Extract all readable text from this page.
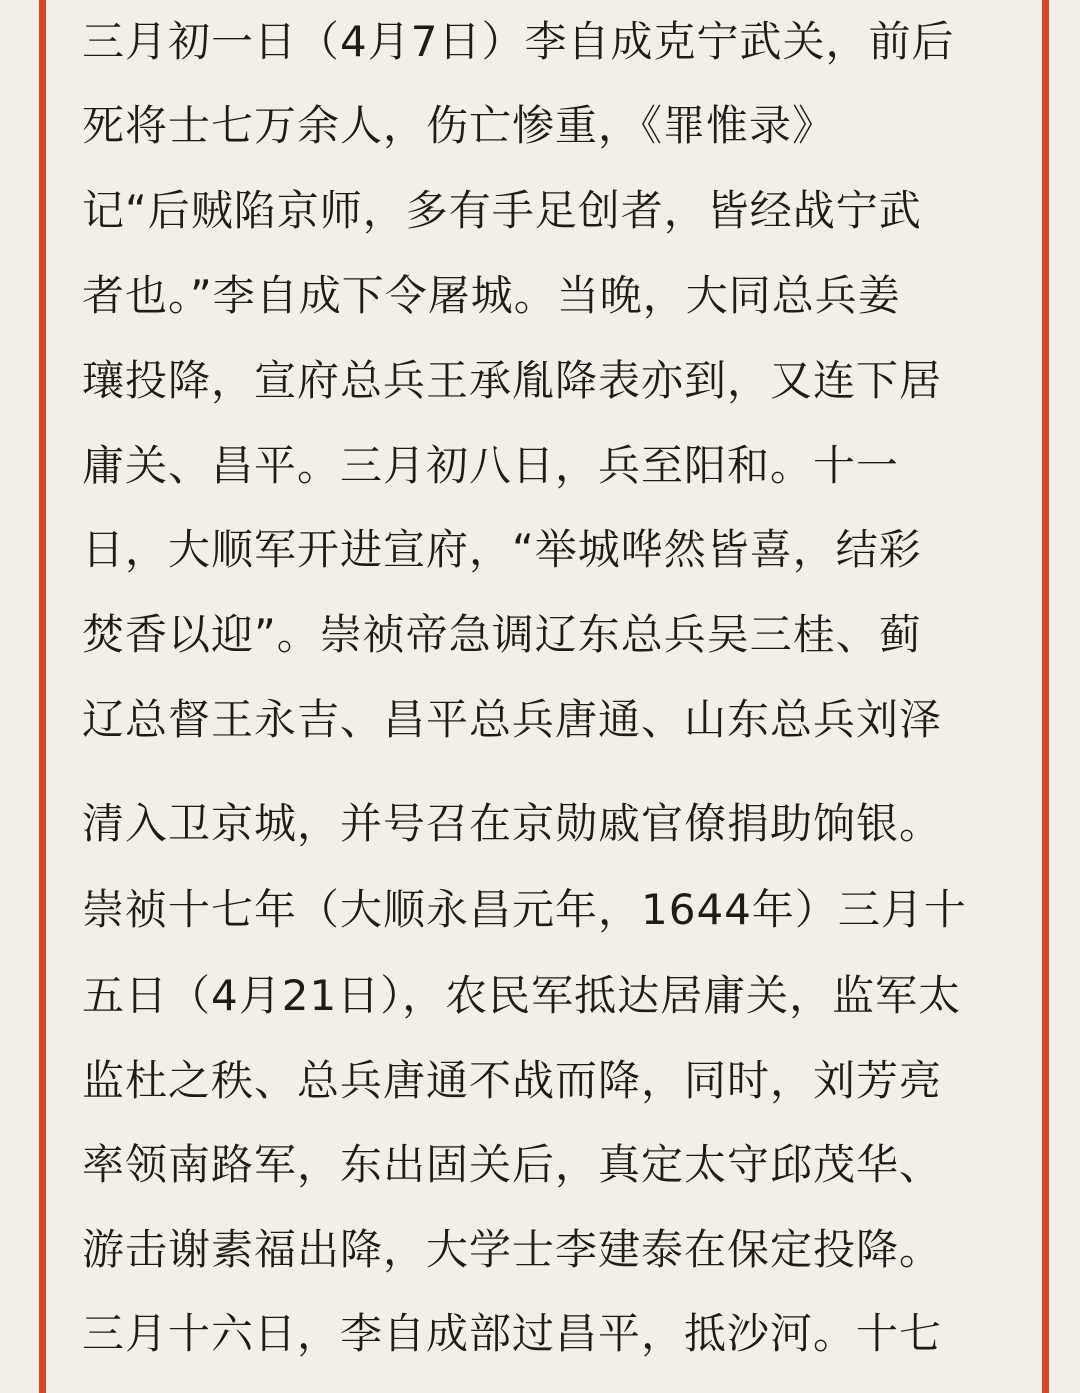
三月初一日（4月7日）李自成克宁武关，前后
死将士七万余人，伤亡惨重，《罪惟录》
记“后贼陷京师，多有手足创者，皆经战宁武
者也。”李自成下令屠城。当晚，大同总兵姜
瓖投降，宣府总兵王承胤降表亦到，又连下居
庸关、昌平。三月初八日，兵至阳和。十一
日，大顺军开进宣府，“举城哗然皆喜，结彩
焚香以迎”。崇祯帝急调辽东总兵吴三桂、蓟
辽总督王永吉、昌平总兵唐通、山东总兵刘泽
清入卫京城，并号召在京勋戚官僚捐助饷银。
崇祯十七年（大顺永昌元年，1644年）三月十
五日（4月21日），农民军抵达居庸关，监军太
监杜之秩、总兵唐通不战而降，同时，刘芳亮
率领南路军，东出固关后，真定太守邱茂华、
游击谢素福出降，大学士李建泰在保定投降。
三月十六日，李自成部过昌平，抵沙河。十七
